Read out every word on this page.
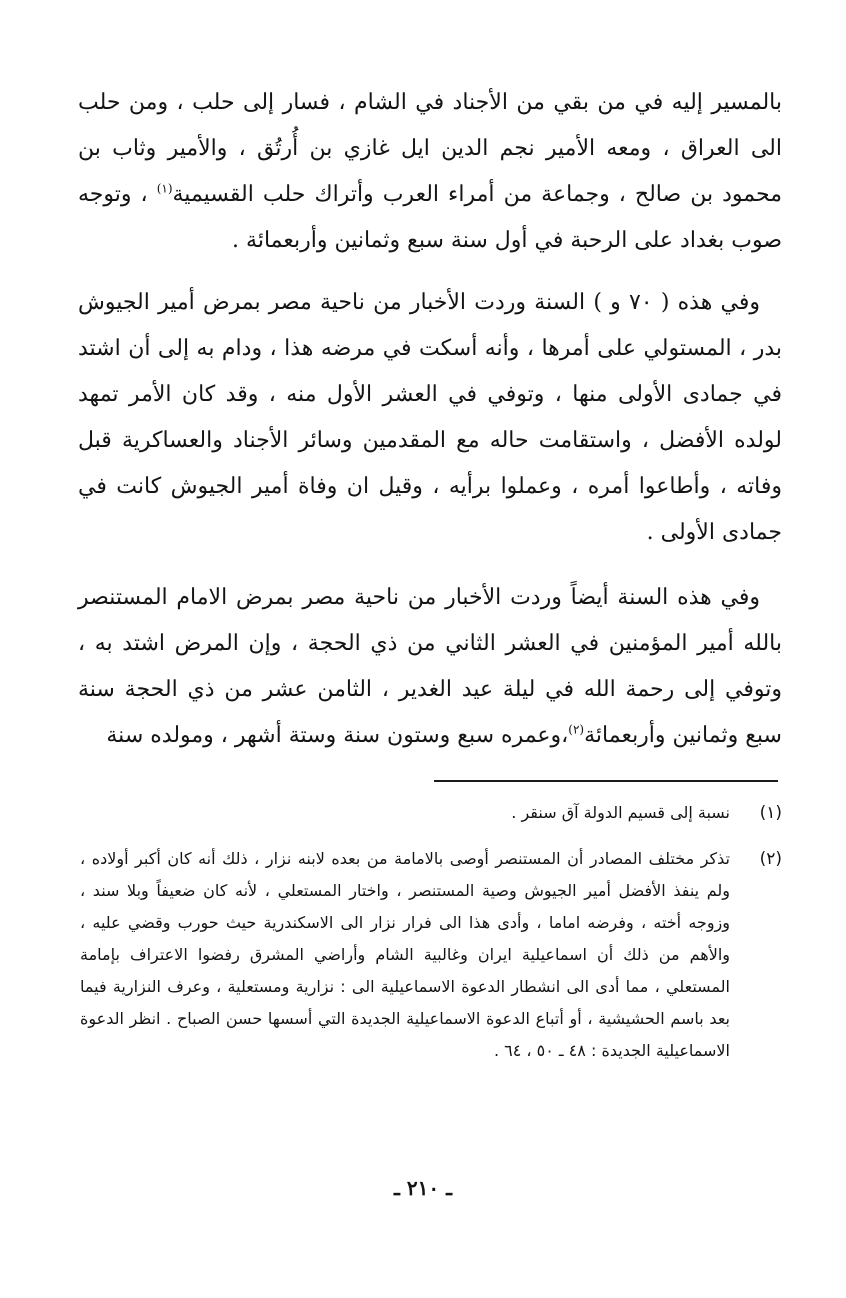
بالمسير إليه في من بقي من الأجناد في الشام ، فسار إلى حلب ، ومن حلب الى العراق ، ومعه الأمير نجم الدين ايل غازي بن أُرتُق ، والأمير وثاب بن محمود بن صالح ، وجماعة من أمراء العرب وأتراك حلب القسيمية$^{(١)}$ ، وتوجه صوب بغداد على الرحبة في أول سنة سبع وثمانين وأربعمائة .

وفي هذه ( ٧٠ و ) السنة وردت الأخبار من ناحية مصر بمرض أمير الجيوش بدر ، المستولي على أمرها ، وأنه أسكت في مرضه هذا ، ودام به إلى أن اشتد في جمادى الأولى منها ، وتوفي في العشر الأول منه ، وقد كان الأمر تمهد لولده الأفضل ، واستقامت حاله مع المقدمين وسائر الأجناد والعساكرية قبل وفاته ، وأطاعوا أمره ، وعملوا برأيه ، وقيل ان وفاة أمير الجيوش كانت في جمادى الأولى .

وفي هذه السنة أيضاً وردت الأخبار من ناحية مصر بمرض الامام المستنصر بالله أمير المؤمنين في العشر الثاني من ذي الحجة ، وإن المرض اشتد به ، وتوفي إلى رحمة الله في ليلة عيد الغدير ، الثامن عشر من ذي الحجة سنة سبع وثمانين وأربعمائة$^{(٢)}$،وعمره سبع وستون سنة وستة أشهر ، ومولده سنة

(١)
نسبة إلى قسيم الدولة آق سنقر .
(٢)
تذكر مختلف المصادر أن المستنصر أوصى بالامامة من بعده لابنه نزار ، ذلك أنه كان أكبر أولاده ، ولم ينفذ الأفضل أمير الجيوش وصية المستنصر ، واختار المستعلي ، لأنه كان ضعيفاً وبلا سند ، وزوجه أخته ، وفرضه اماما ، وأدى هذا الى فرار نزار الى الاسكندرية حيث حورب وقضي عليه ، والأهم من ذلك أن اسماعيلية ايران وغالبية الشام وأراضي المشرق رفضوا الاعتراف بإمامة المستعلي ، مما أدى الى انشطار الدعوة الاسماعيلية الى : نزارية ومستعلية ، وعرف النزارية فيما بعد باسم الحشيشية ، أو أتباع الدعوة الاسماعيلية الجديدة التي أسسها حسن الصباح . انظر الدعوة الاسماعيلية الجديدة : ٤٨ ـ ٥٠ ، ٦٤ .
ـ ٢١٠ ـ
